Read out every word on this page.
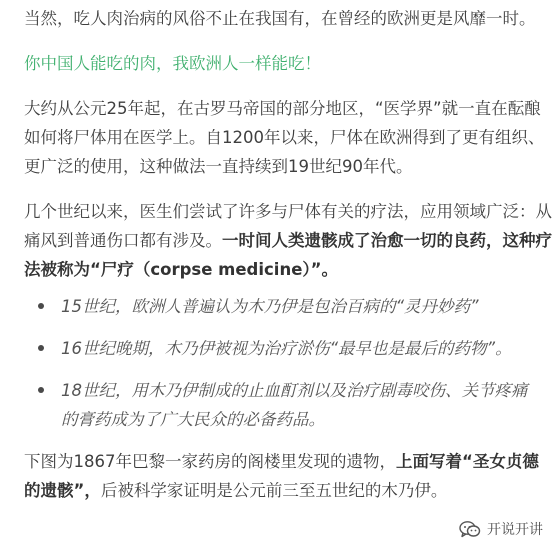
当然，吃人肉治病的风俗不止在我国有，在曾经的欧洲更是风靡一时。

你中国人能吃的肉，我欧洲人一样能吃！

大约从公元25年起，在古罗马帝国的部分地区，“医学界”就一直在酝酿如何将尸体用在医学上。自1200年以来，尸体在欧洲得到了更有组织、更广泛的使用，这种做法一直持续到19世纪90年代。

几个世纪以来，医生们尝试了许多与尸体有关的疗法，应用领域广泛：从痛风到普通伤口都有涉及。一时间人类遗骸成了治愈一切的良药，这种疗法被称为“尸疗（corpse medicine）”。

15世纪，欧洲人普遍认为木乃伊是包治百病的“灵丹妙药”
16世纪晚期，木乃伊被视为治疗淤伤“最早也是最后的药物”。
18世纪，用木乃伊制成的止血酊剂以及治疗剧毒咬伤、关节疼痛
的膏药成为了广大民众的必备药品。

下图为1867年巴黎一家药房的阁楼里发现的遗物，上面写着“圣女贞德的遗骸”，后被科学家证明是公元前三至五世纪的木乃伊。

开说开讲
